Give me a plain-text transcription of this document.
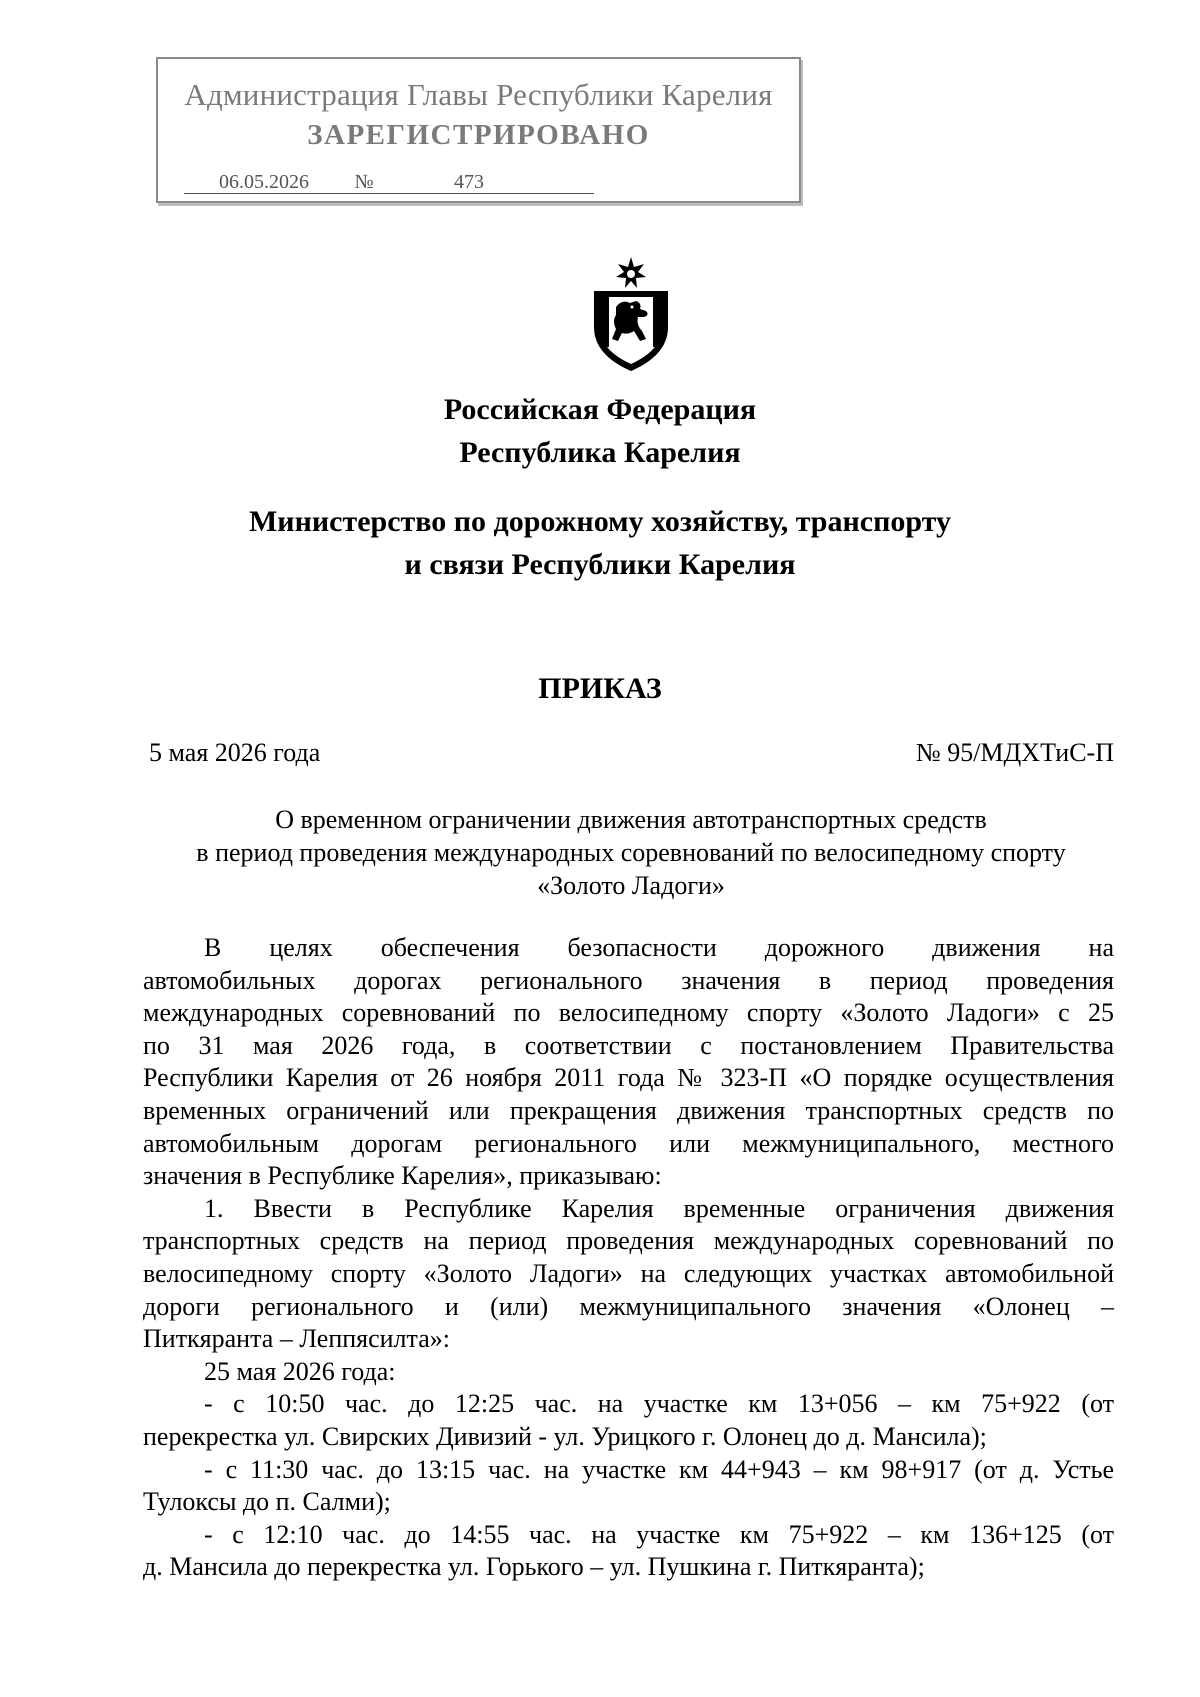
Администрация Главы Республики Карелия
ЗАРЕГИСТРИРОВАНО
06.05.2026 №	473
Российская Федерация
Республика Карелия
Министерство по дорожному хозяйству, транспорту
и связи Республики Карелия
ПРИКАЗ
5 мая 2026 года	№ 95/МДХТиС-П
О временном ограничении движения автотранспортных средств
в период проведения международных соревнований по велосипедному спорту
«Золото Ладоги»
В целях обеспечения безопасности дорожного движения на
автомобильных дорогах регионального значения в период проведения
международных соревнований по велосипедному спорту «Золото Ладоги» с 25
по 31 мая 2026 года, в соответствии с постановлением Правительства
Республики Карелия от 26 ноября 2011 года № 323-П «О порядке осуществления
временных ограничений или прекращения движения транспортных средств по
автомобильным дорогам регионального или межмуниципального, местного
значения в Республике Карелия», приказываю:
1. Ввести в Республике Карелия временные ограничения движения
транспортных средств на период проведения международных соревнований по
велосипедному спорту «Золото Ладоги» на следующих участках автомобильной
дороги регионального и (или) межмуниципального значения «Олонец –
Питкяранта – Леппясилта»:
25 мая 2026 года:
- с 10:50 час. до 12:25 час. на участке км 13+056 – км 75+922 (от
перекрестка ул. Свирских Дивизий - ул. Урицкого г. Олонец до д. Мансила);
- с 11:30 час. до 13:15 час. на участке км 44+943 – км 98+917 (от д. Устье
Тулоксы до п. Салми);
- с 12:10 час. до 14:55 час. на участке км 75+922 – км 136+125 (от
д. Мансила до перекрестка ул. Горького – ул. Пушкина г. Питкяранта);
